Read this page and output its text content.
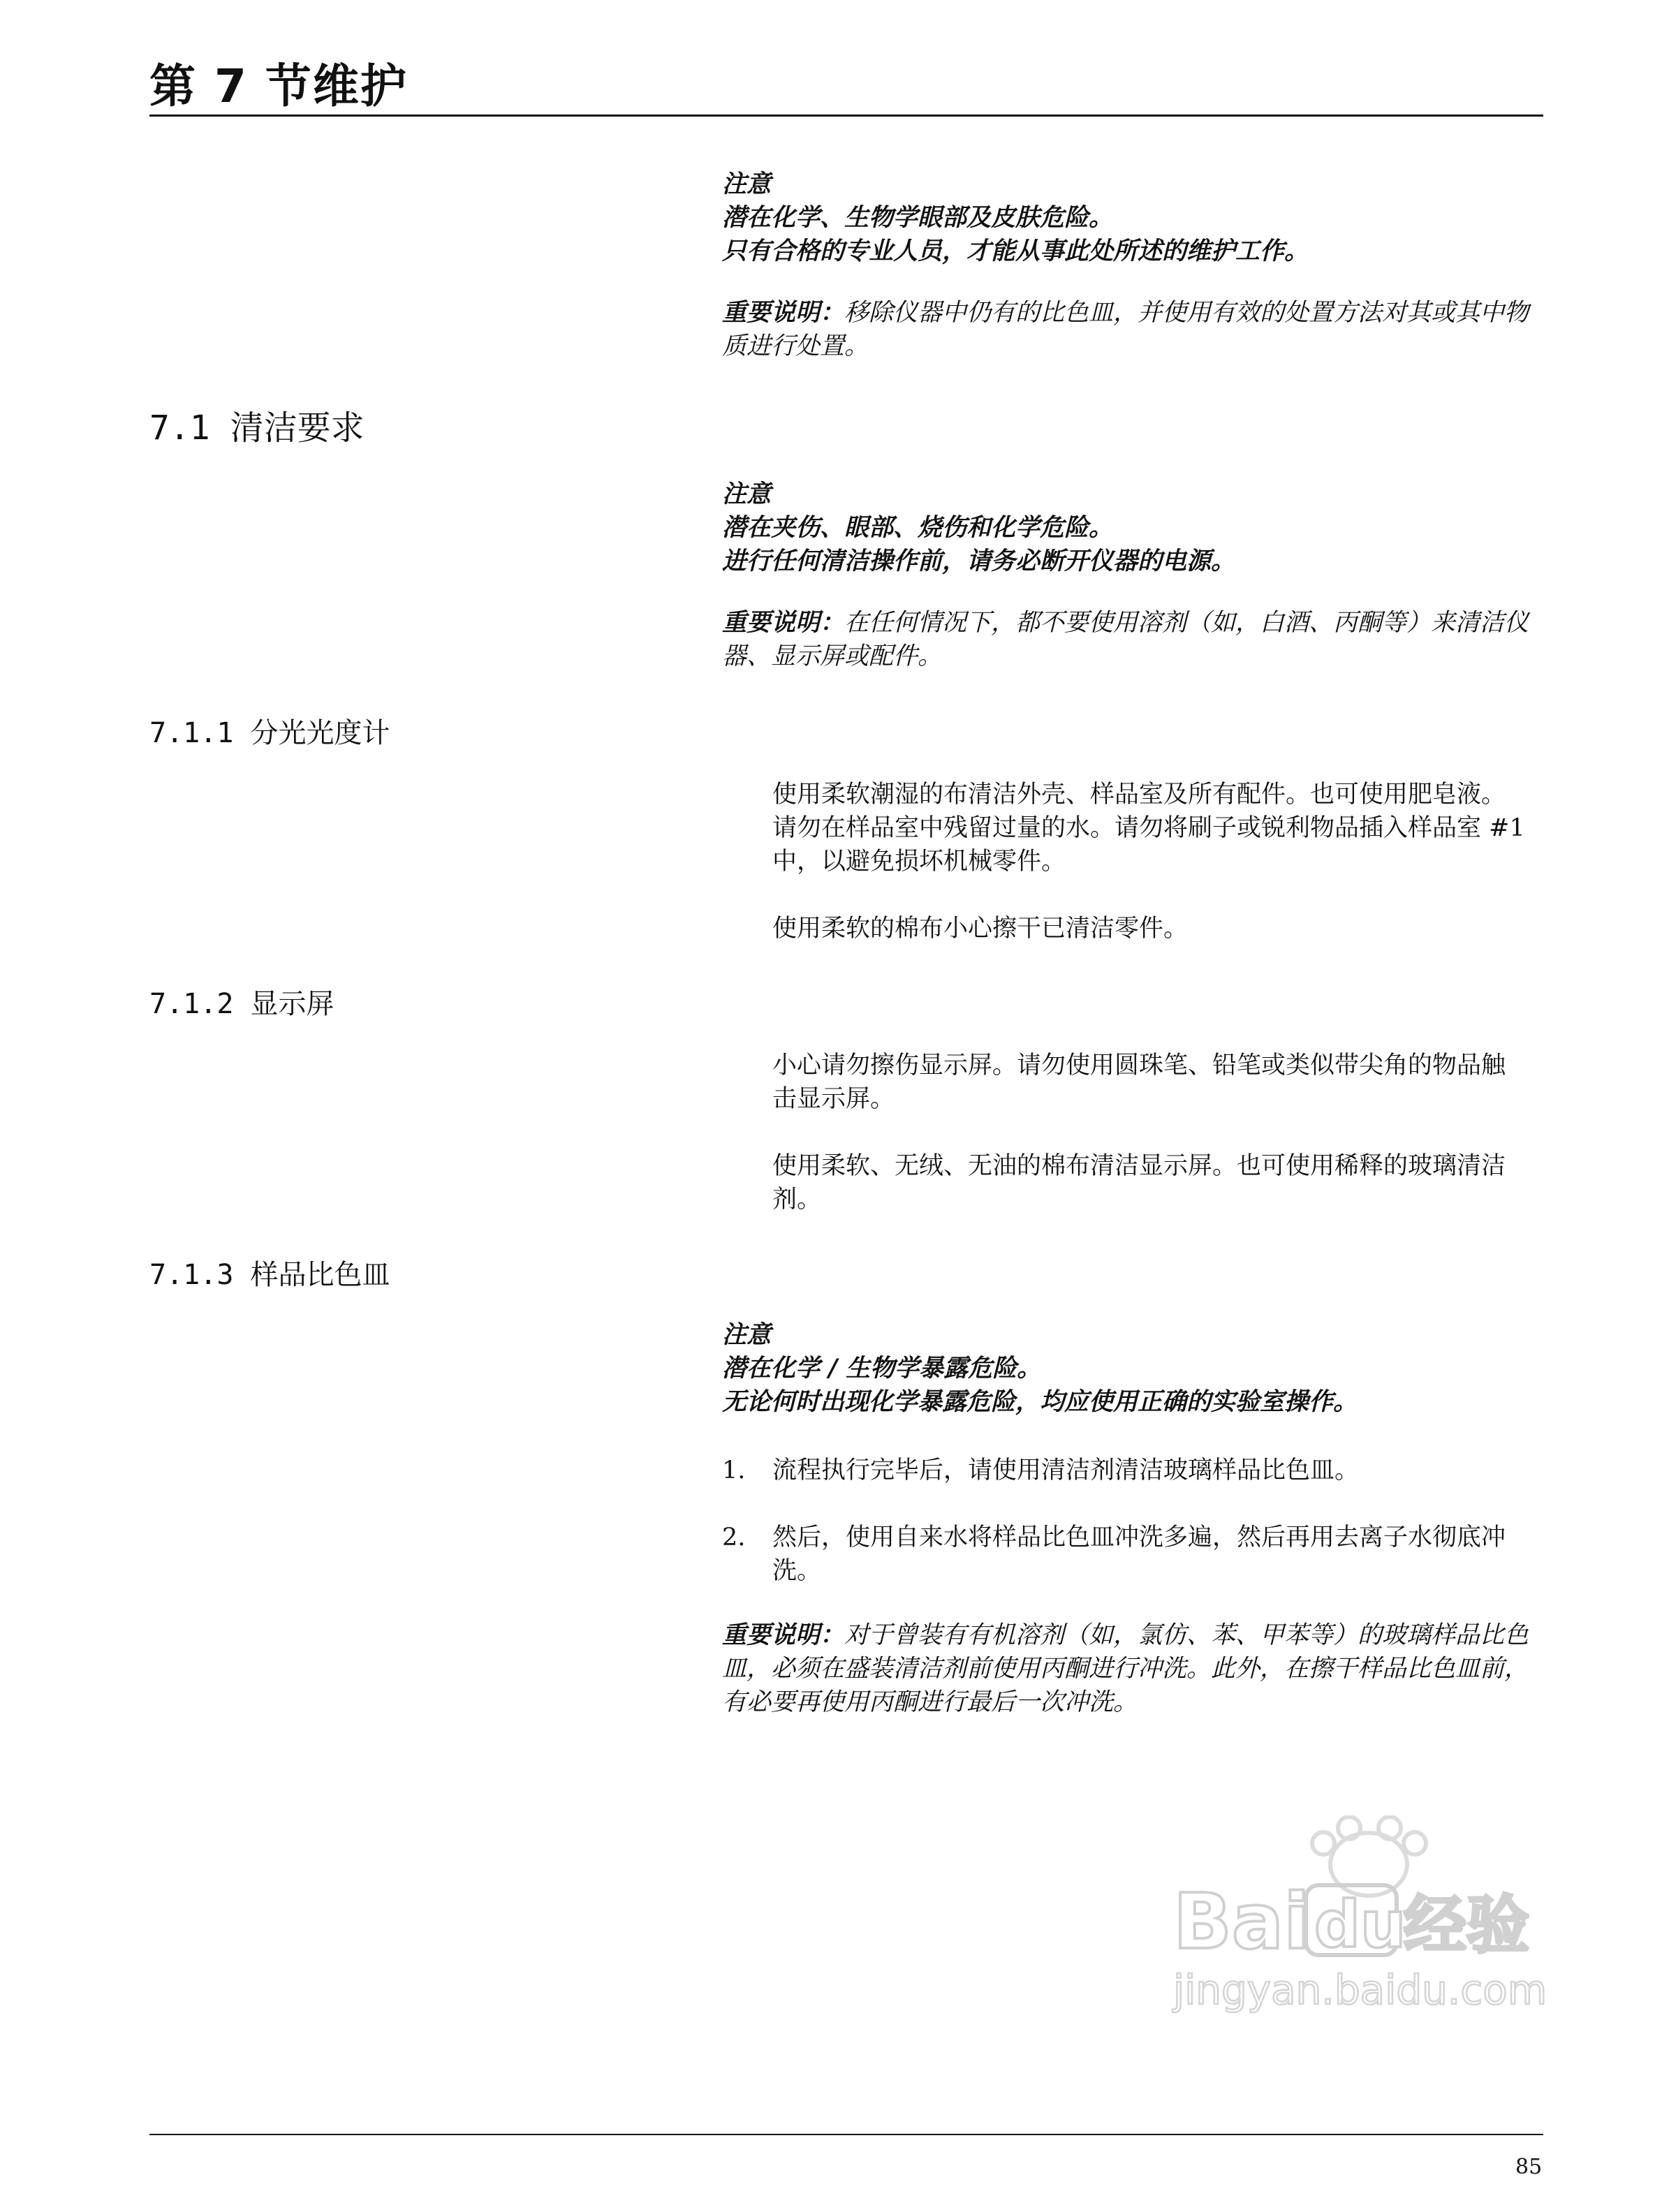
第 7 节维护

注意

潜在化学、生物学眼部及皮肤危险。

只有合格的专业人员，才能从事此处所述的维护工作。

重要说明：移除仪器中仍有的比色皿，并使用有效的处置方法对其或其中物质进行处置。
7.1 清洁要求

注意

潜在夹伤、眼部、烧伤和化学危险。

进行任何清洁操作前，请务必断开仪器的电源。

重要说明：在任何情况下，都不要使用溶剂（如，白酒、丙酮等）来清洁仪器、显示屏或配件。
7.1.1 分光光度计

使用柔软潮湿的布清洁外壳、样品室及所有配件。也可使用肥皂液。请勿在样品室中残留过量的水。请勿将刷子或锐利物品插入样品室 #1 中，以避免损坏机械零件。

使用柔软的棉布小心擦干已清洁零件。

7.1.2 显示屏

小心请勿擦伤显示屏。请勿使用圆珠笔、铅笔或类似带尖角的物品触击显示屏。

使用柔软、无绒、无油的棉布清洁显示屏。也可使用稀释的玻璃清洁剂。

7.1.3 样品比色皿

注意

潜在化学 / 生物学暴露危险。

无论何时出现化学暴露危险，均应使用正确的实验室操作。

1.	流程执行完毕后，请使用清洁剂清洁玻璃样品比色皿。
2.	然后，使用自来水将样品比色皿冲洗多遍，然后再用去离子水彻底冲洗。
重要说明：对于曾装有有机溶剂（如，氯仿、苯、甲苯等）的玻璃样品比色皿，必须在盛装清洁剂前使用丙酮进行冲洗。此外，在擦干样品比色皿前，有必要再使用丙酮进行最后一次冲洗。
Bai du
经验
jingyan.baidu.com
85
